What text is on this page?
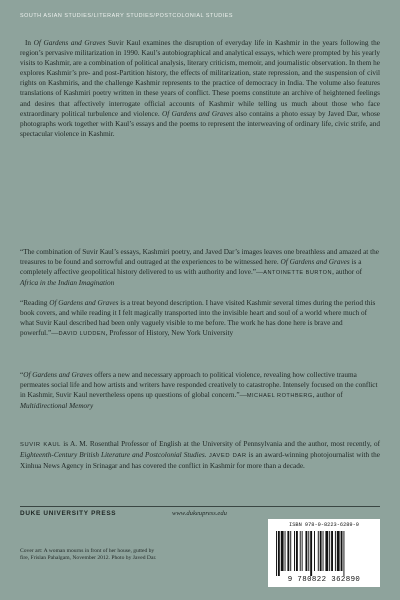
SOUTH ASIAN STUDIES/LITERARY STUDIES/POSTCOLONIAL STUDIES

In Of Gardens and Graves Suvir Kaul examines the disruption of everyday life in Kashmir in the years following the region’s pervasive militarization in 1990. Kaul’s autobiographical and analytical essays, which were prompted by his yearly visits to Kashmir, are a combination of political analysis, literary criticism, memoir, and journalistic observation. In them he explores Kashmir’s pre- and post-Partition history, the effects of militarization, state repression, and the suspension of civil rights on Kashmiris, and the challenge Kashmir represents to the practice of democracy in India. The volume also features translations of Kashmiri poetry written in these years of conflict. These poems constitute an archive of heightened feelings and desires that affectively interrogate official accounts of Kashmir while telling us much about those who face extraordinary political turbulence and violence. Of Gardens and Graves also contains a photo essay by Javed Dar, whose photographs work together with Kaul’s essays and the poems to represent the interweaving of ordinary life, civic strife, and spectacular violence in Kashmir.

“The combination of Suvir Kaul’s essays, Kashmiri poetry, and Javed Dar’s images leaves one breathless and amazed at the treasures to be found and sorrowful and outraged at the experiences to be witnessed here. Of Gardens and Graves is a completely affective geopolitical history delivered to us with authority and love.”—ANTOINETTE BURTON, author of Africa in the Indian Imagination

“Reading Of Gardens and Graves is a treat beyond description. I have visited Kashmir several times during the period this book covers, and while reading it I felt magically transported into the invisible heart and soul of a world where much of what Suvir Kaul described had been only vaguely visible to me before. The work he has done here is brave and powerful.”—DAVID LUDDEN, Professor of History, New York University

“Of Gardens and Graves offers a new and necessary approach to political violence, revealing how collective trauma permeates social life and how artists and writers have responded creatively to catastrophe. Intensely focused on the conflict in Kashmir, Suvir Kaul nevertheless opens up questions of global concern.”—MICHAEL ROTHBERG, author of Multidirectional Memory

SUVIR KAUL is A. M. Rosenthal Professor of English at the University of Pennsylvania and the author, most recently, of Eighteenth-Century British Literature and Postcolonial Studies. JAVED DAR is an award-winning photojournalist with the Xinhua News Agency in Srinagar and has covered the conflict in Kashmir for more than a decade.

DUKE UNIVERSITY PRESS	www.dukeupress.edu

Cover art: A woman mourns in front of her house, gutted by fire, Frislan Pahalgam, November 2012. Photo by Javed Dar.

ISBN 978-0-8223-6289-0
9 780822 362890
